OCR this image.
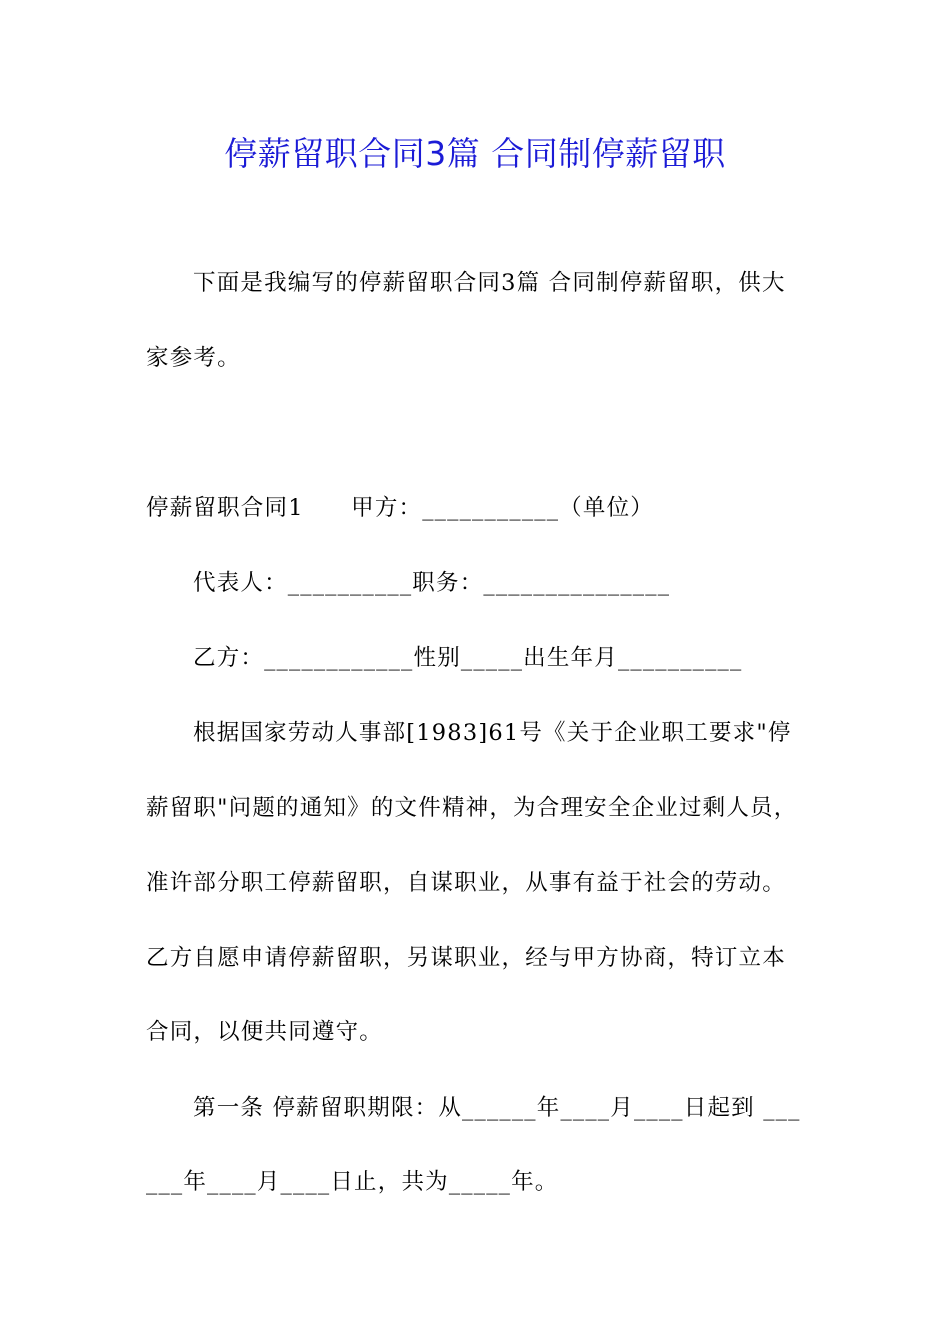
停薪留职合同3篇 合同制停薪留职
下面是我编写的停薪留职合同3篇 合同制停薪留职，供大
家参考。
停薪留职合同1　　甲方：___________（单位）
代表人：__________职务：_______________
乙方：____________性别_____出生年月__________
根据国家劳动人事部[1983]61号《关于企业职工要求"停
薪留职"问题的通知》的文件精神，为合理安全企业过剩人员，
准许部分职工停薪留职，自谋职业，从事有益于社会的劳动。
乙方自愿申请停薪留职，另谋职业，经与甲方协商，特订立本
合同，以便共同遵守。
第一条 停薪留职期限：从______年____月____日起到 ___
___年____月____日止，共为_____年。
